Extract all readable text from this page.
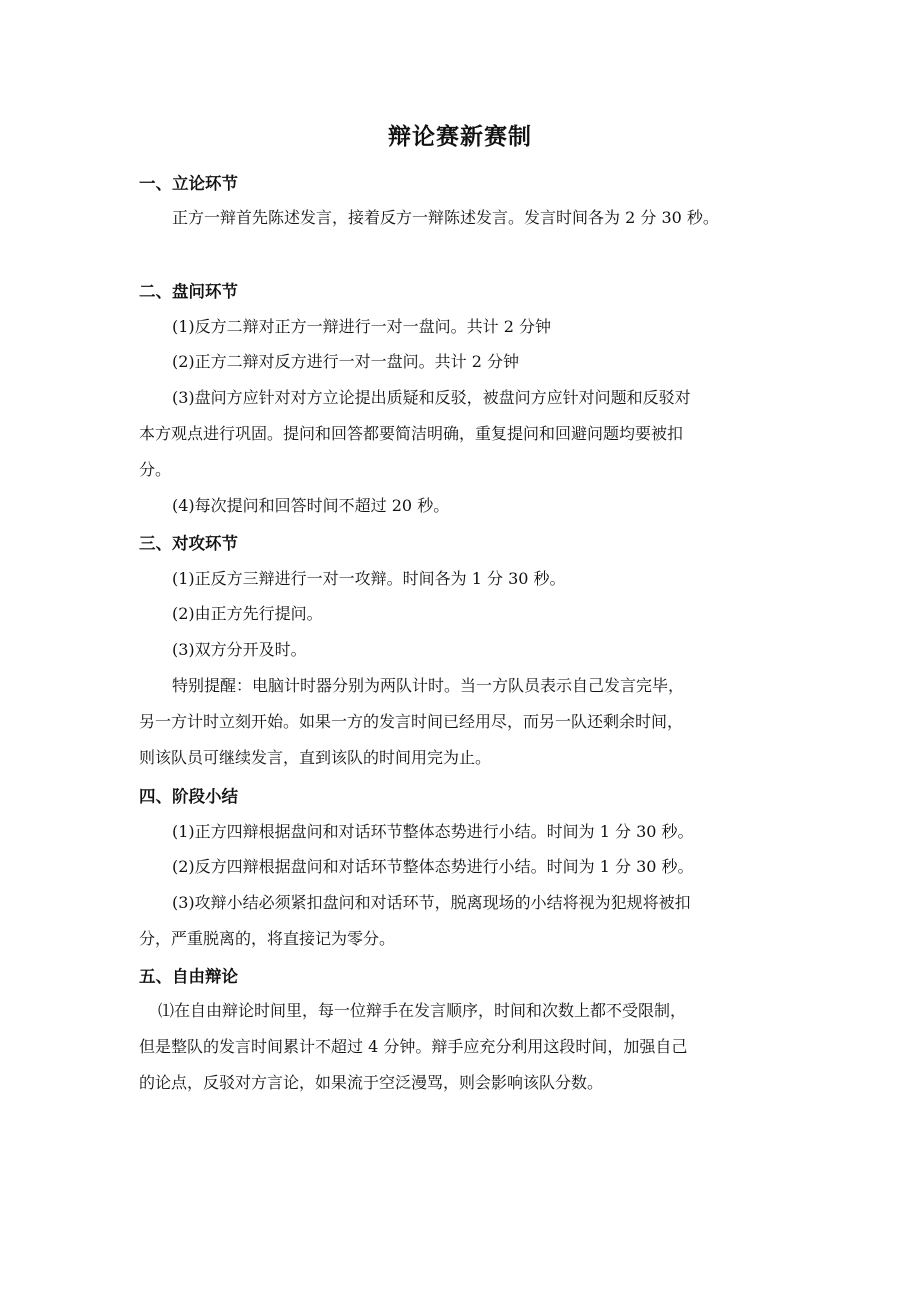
辩论赛新赛制
一、立论环节

正方一辩首先陈述发言，接着反方一辩陈述发言。发言时间各为 2 分 30 秒。

二、盘问环节

(1)反方二辩对正方一辩进行一对一盘问。共计 2 分钟

(2)正方二辩对反方进行一对一盘问。共计 2 分钟

(3)盘问方应针对对方立论提出质疑和反驳，被盘问方应针对问题和反驳对

本方观点进行巩固。提问和回答都要简洁明确，重复提问和回避问题均要被扣

分。

(4)每次提问和回答时间不超过 20 秒。

三、对攻环节

(1)正反方三辩进行一对一攻辩。时间各为 1 分 30 秒。

(2)由正方先行提问。

(3)双方分开及时。

特别提醒：电脑计时器分别为两队计时。当一方队员表示自己发言完毕，

另一方计时立刻开始。如果一方的发言时间已经用尽，而另一队还剩余时间，

则该队员可继续发言，直到该队的时间用完为止。

四、阶段小结

(1)正方四辩根据盘问和对话环节整体态势进行小结。时间为 1 分 30 秒。

(2)反方四辩根据盘问和对话环节整体态势进行小结。时间为 1 分 30 秒。

(3)攻辩小结必须紧扣盘问和对话环节，脱离现场的小结将视为犯规将被扣

分，严重脱离的，将直接记为零分。

五、自由辩论

⑴在自由辩论时间里，每一位辩手在发言顺序，时间和次数上都不受限制，

但是整队的发言时间累计不超过 4 分钟。辩手应充分利用这段时间，加强自己

的论点，反驳对方言论，如果流于空泛漫骂，则会影响该队分数。
